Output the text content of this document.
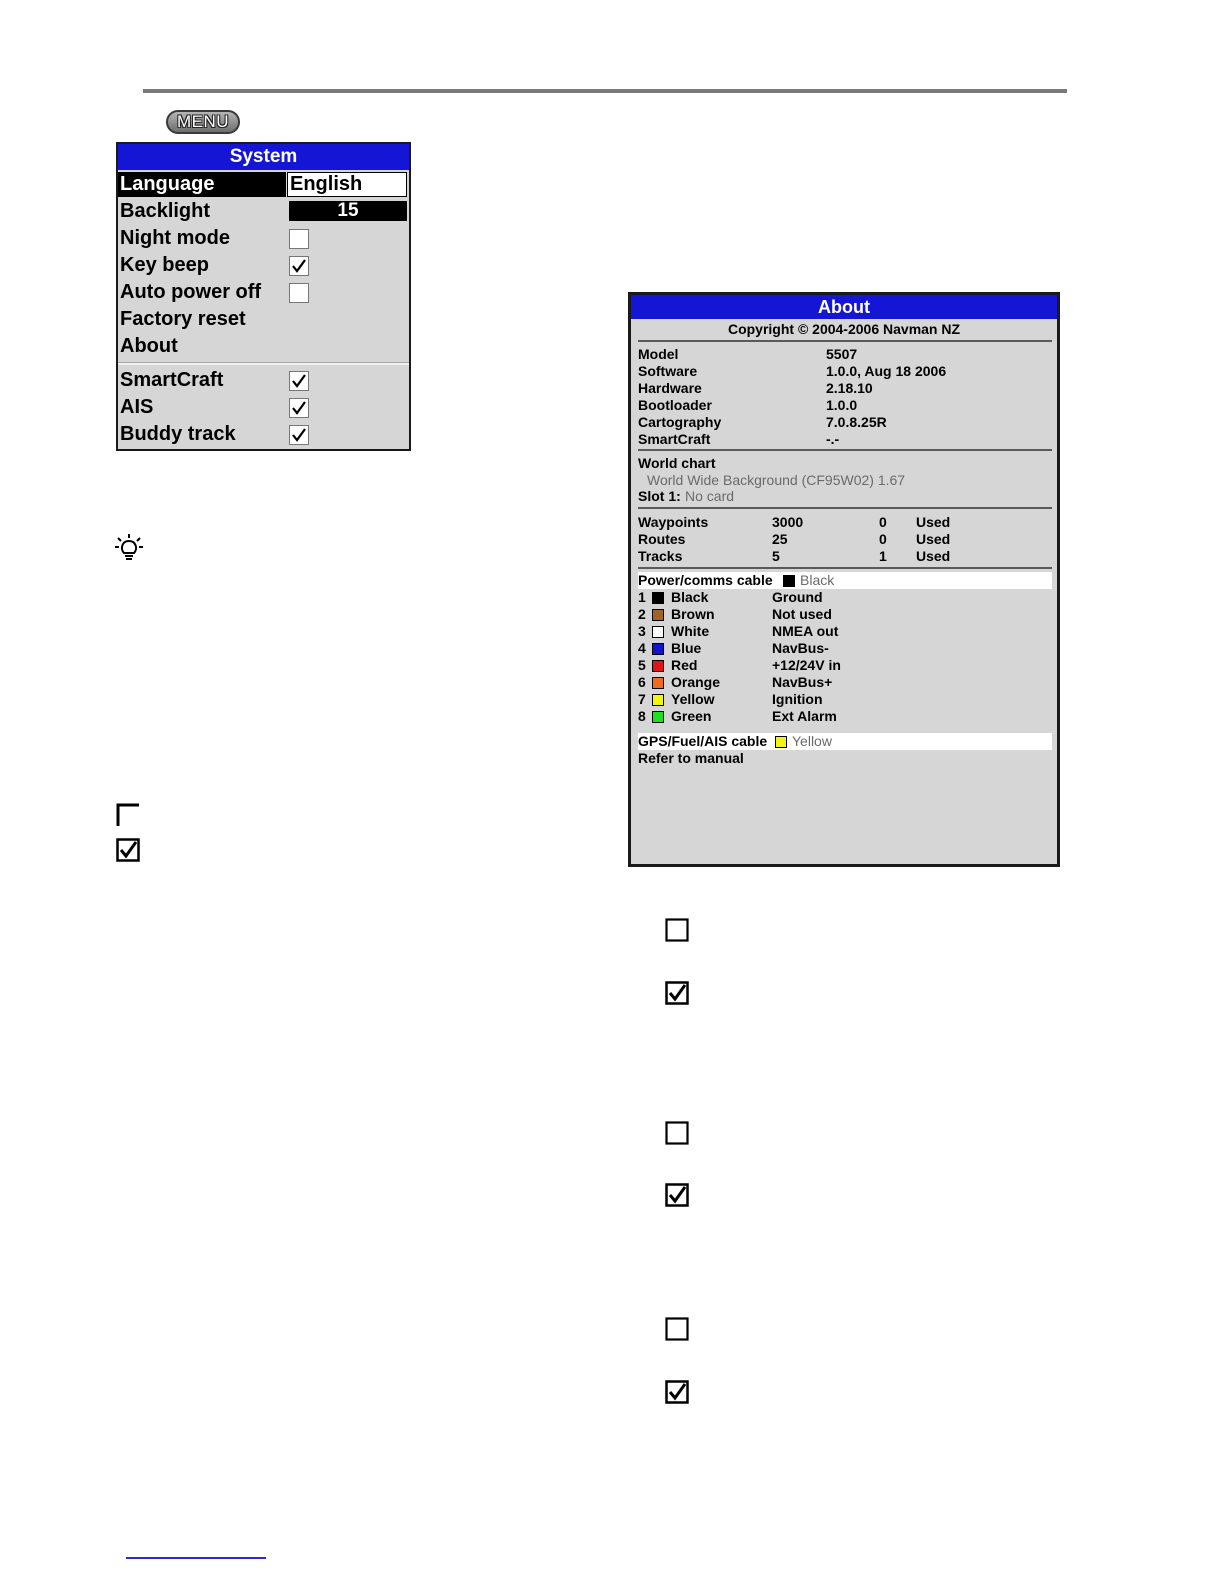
MENU
System
Language	English
Backlight	15
Night mode
Key beep
Auto power off
Factory reset
About
SmartCraft
AIS
Buddy track
About
Copyright © 2004-2006 Navman NZ
Model	5507
Software	1.0.0, Aug 18 2006
Hardware	2.18.10
Bootloader	1.0.0
Cartography	7.0.8.25R
SmartCraft	-.-
World chart
World Wide Background (CF95W02) 1.67
Slot 1: No card
Waypoints	3000	0 Used
Routes	25	0 Used
Tracks	5	1 Used
Power/comms cable Black
1 Black	Ground
2 Brown	Not used
3 White	NMEA out
4 Blue	NavBus-
5 Red	+12/24V in
6 Orange	NavBus+
7 Yellow	Ignition
8 Green	Ext Alarm
GPS/Fuel/AIS cable Yellow
Refer to manual
